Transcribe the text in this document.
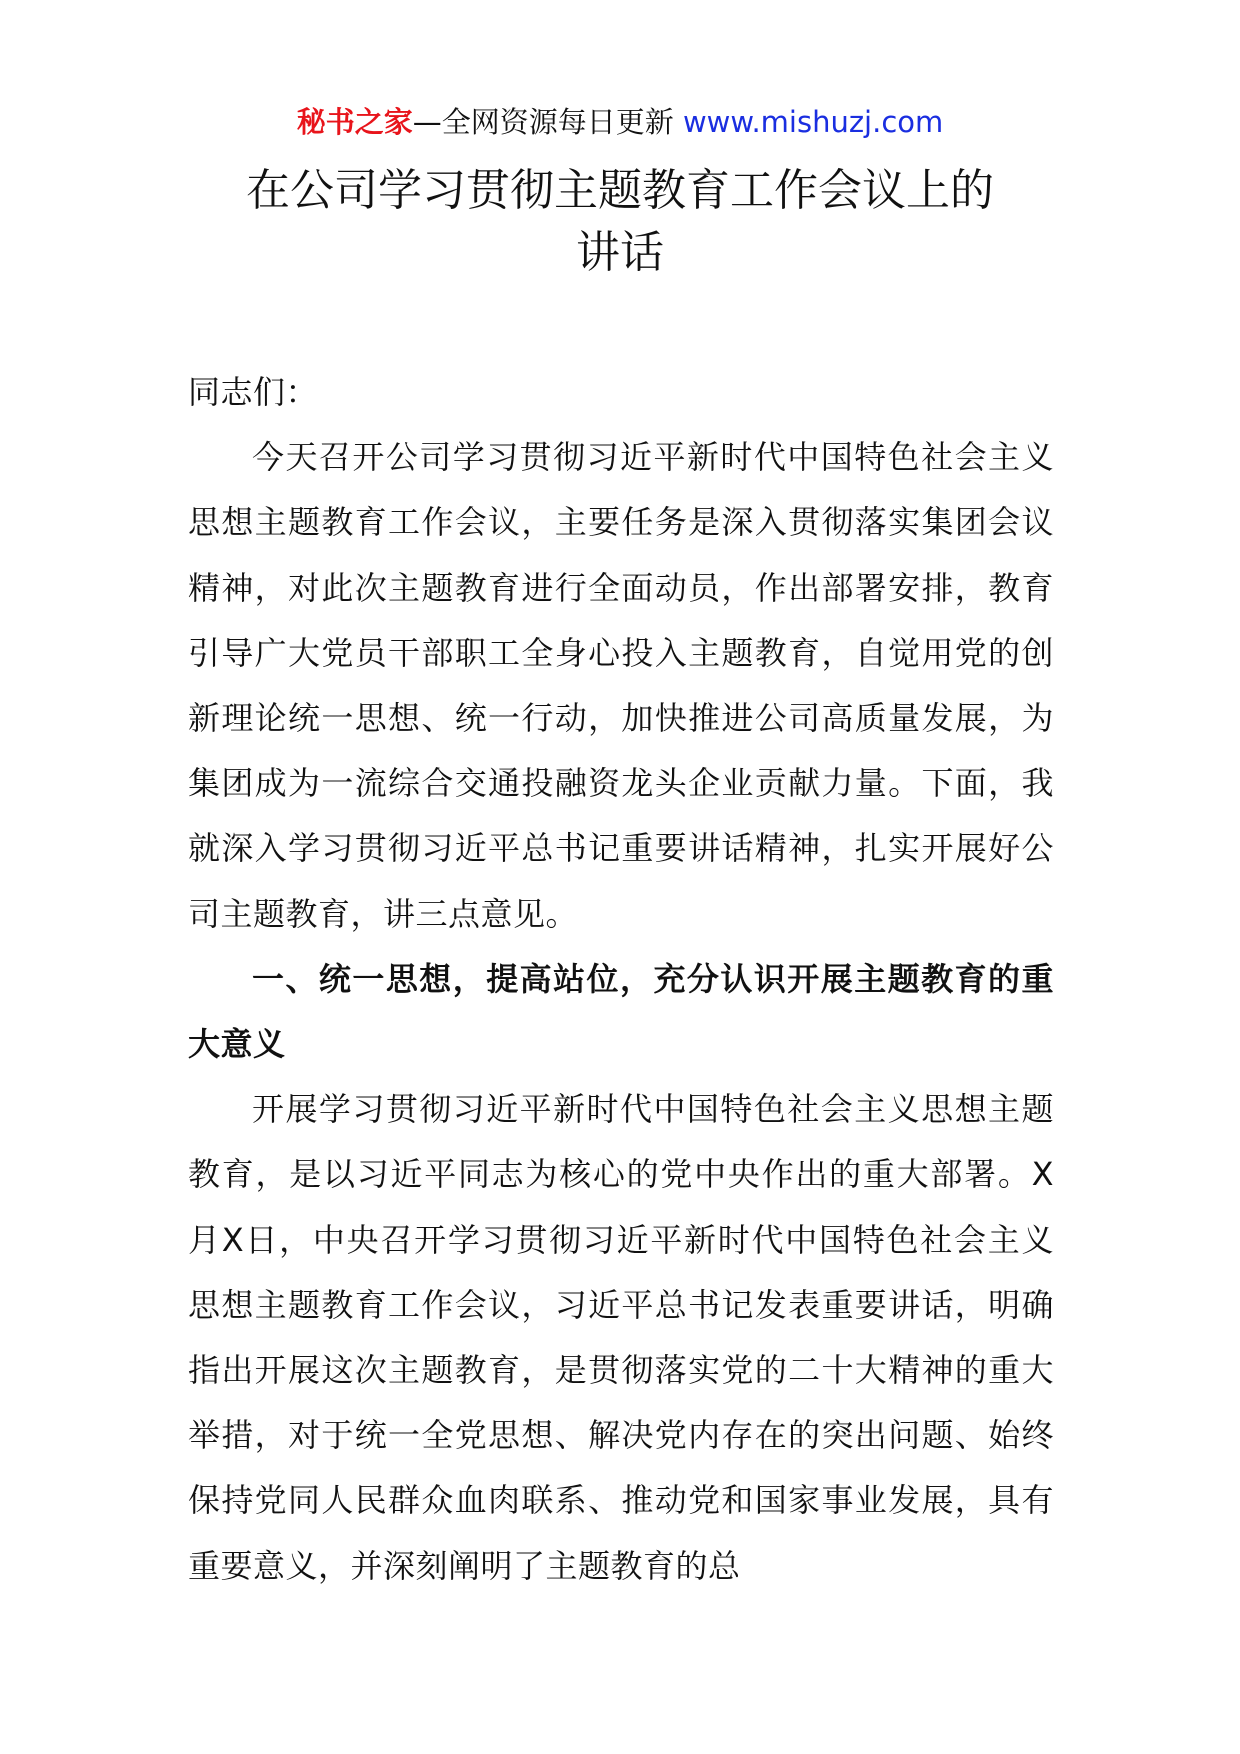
秘书之家—全网资源每日更新 www.mishuzj.com
在公司学习贯彻主题教育工作会议上的
讲话

同志们：

今天召开公司学习贯彻习近平新时代中国特色社会主义思想主题教育工作会议，主要任务是深入贯彻落实集团会议精神，对此次主题教育进行全面动员，作出部署安排，教育引导广大党员干部职工全身心投入主题教育，自觉用党的创新理论统一思想、统一行动，加快推进公司高质量发展，为集团成为一流综合交通投融资龙头企业贡献力量。下面，我就深入学习贯彻习近平总书记重要讲话精神，扎实开展好公司主题教育，讲三点意见。

一、统一思想，提高站位，充分认识开展主题教育的重大意义

开展学习贯彻习近平新时代中国特色社会主义思想主题教育，是以习近平同志为核心的党中央作出的重大部署。X月X日，中央召开学习贯彻习近平新时代中国特色社会主义思想主题教育工作会议，习近平总书记发表重要讲话，明确指出开展这次主题教育，是贯彻落实党的二十大精神的重大举措，对于统一全党思想、解决党内存在的突出问题、始终保持党同人民群众血肉联系、推动党和国家事业发展，具有重要意义，并深刻阐明了主题教育的总
